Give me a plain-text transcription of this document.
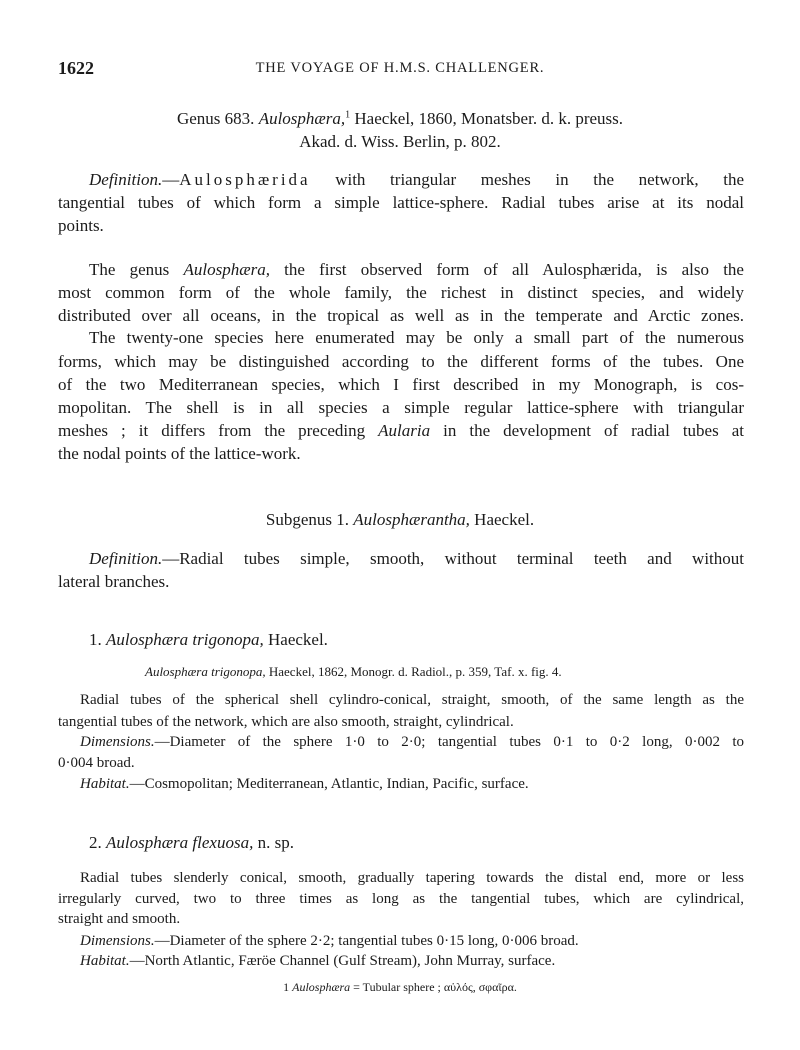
1622	THE VOYAGE OF H.M.S. CHALLENGER.
Genus 683. Aulosphæra,$^1$ Haeckel, 1860, Monatsber. d. k. preuss.
Akad. d. Wiss. Berlin, p. 802.
Definition.—Aulosphærida with triangular meshes in the network, the
tangential tubes of which form a simple lattice-sphere. Radial tubes arise at its nodal
points.
The genus Aulosphæra, the first observed form of all Aulosphærida, is also the
most common form of the whole family, the richest in distinct species, and widely
distributed over all oceans, in the tropical as well as in the temperate and Arctic zones.
The twenty-one species here enumerated may be only a small part of the numerous
forms, which may be distinguished according to the different forms of the tubes. One
of the two Mediterranean species, which I first described in my Monograph, is cos-
mopolitan. The shell is in all species a simple regular lattice-sphere with triangular
meshes ; it differs from the preceding Aularia in the development of radial tubes at
the nodal points of the lattice-work.
Subgenus 1. Aulosphærantha, Haeckel.
Definition.—Radial tubes simple, smooth, without terminal teeth and without
lateral branches.
1. Aulosphæra trigonopa, Haeckel.
Aulosphæra trigonopa, Haeckel, 1862, Monogr. d. Radiol., p. 359, Taf. x. fig. 4.
Radial tubes of the spherical shell cylindro-conical, straight, smooth, of the same length as the
tangential tubes of the network, which are also smooth, straight, cylindrical.
Dimensions.—Diameter of the sphere 1·0 to 2·0; tangential tubes 0·1 to 0·2 long, 0·002 to
0·004 broad.
Habitat.—Cosmopolitan; Mediterranean, Atlantic, Indian, Pacific, surface.
2. Aulosphæra flexuosa, n. sp.
Radial tubes slenderly conical, smooth, gradually tapering towards the distal end, more or less
irregularly curved, two to three times as long as the tangential tubes, which are cylindrical,
straight and smooth.
Dimensions.—Diameter of the sphere 2·2; tangential tubes 0·15 long, 0·006 broad.
Habitat.—North Atlantic, Færöe Channel (Gulf Stream), John Murray, surface.
1 Aulosphæra = Tubular sphere ; αὐλός, σφαῖρα.
